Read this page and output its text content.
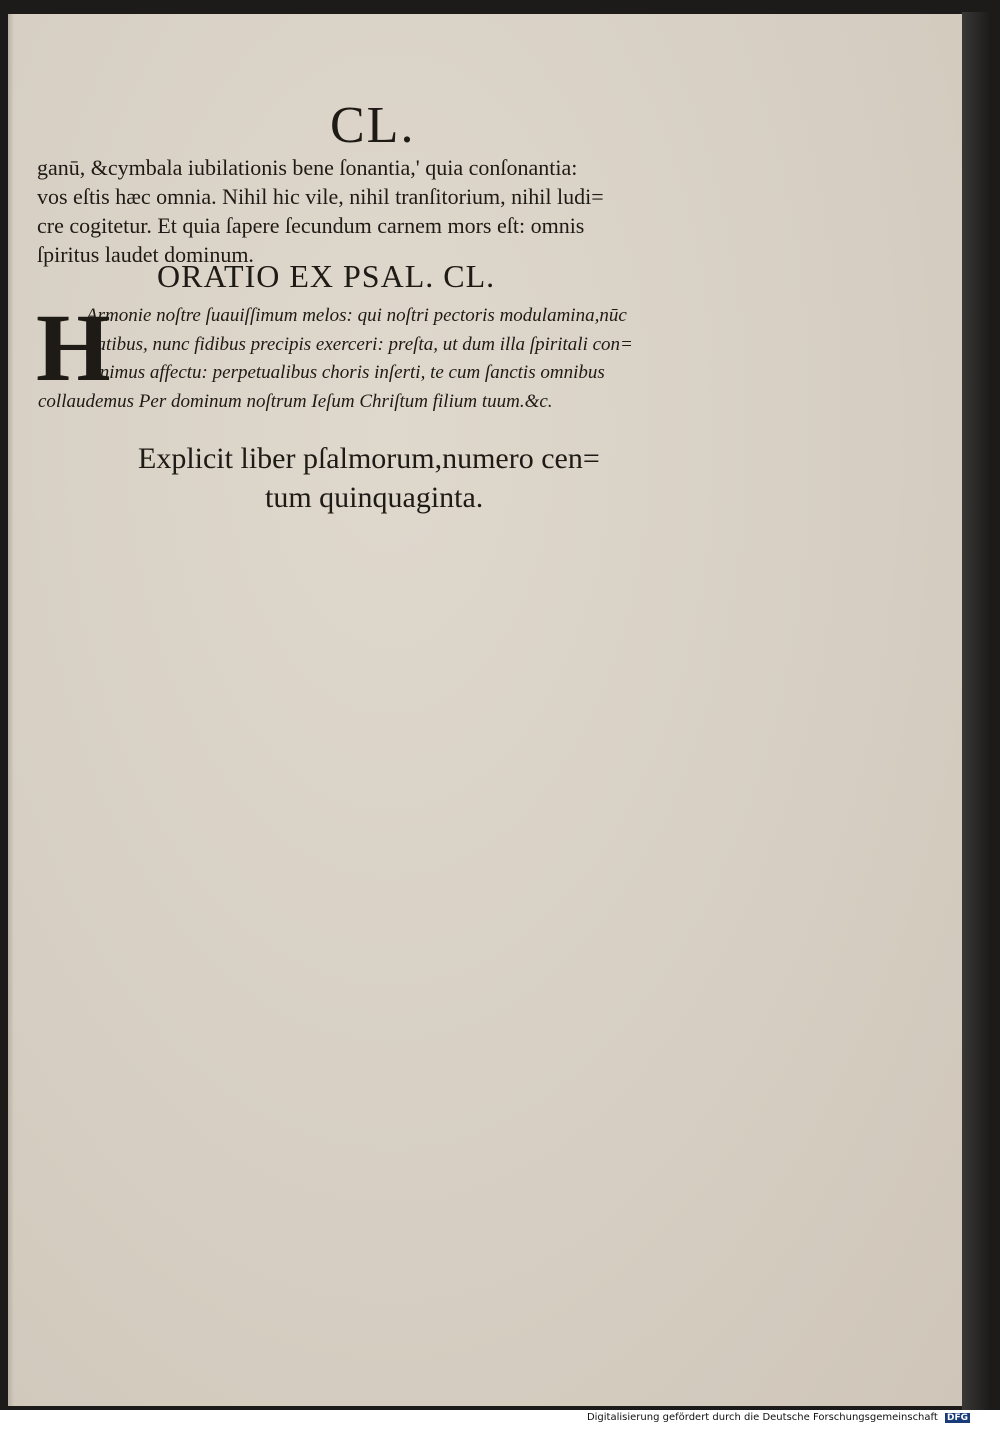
CL.
ganū, &cymbala iubilationis bene ſonantia,' quia conſonantia:
vos eſtis hæc omnia. Nihil hic vile, nihil tranſitorium, nihil ludi=
cre cogitetur. Et quia ſapere ſecundum carnem mors eſt: omnis
ſpiritus laudet dominum.
ORATIO EX PSAL. CL.
H
Armonie noſtre ſuauiſſimum melos: qui noſtri pectoris modulamina,nūc
flatibus, nunc fidibus precipis exerceri: preſta, ut dum illa ſpiritali con=
cinimus affectu: perpetualibus choris inſerti, te cum ſanctis omnibus
collaudemus Per dominum noſtrum Ieſum Chriſtum filium tuum.&c.
Explicit liber pſalmorum,numero cen=
tum quinquaginta.
Digitalisierung gefördert durch die Deutsche Forschungsgemeinschaft DFG
